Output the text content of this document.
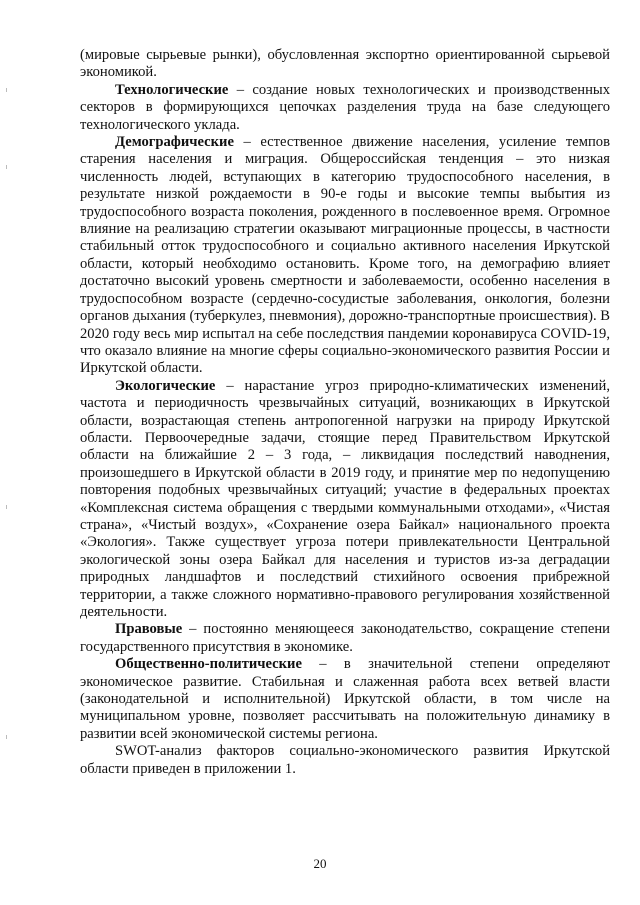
(мировые сырьевые рынки), обусловленная экспортно ориентированной сырьевой экономикой.

Технологические – создание новых технологических и производственных секторов в формирующихся цепочках разделения труда на базе следующего технологического уклада.

Демографические – естественное движение населения, усиление темпов старения населения и миграция. Общероссийская тенденция – это низкая численность людей, вступающих в категорию трудоспособного населения, в результате низкой рождаемости в 90-е годы и высокие темпы выбытия из трудоспособного возраста поколения, рожденного в послевоенное время. Огромное влияние на реализацию стратегии оказывают миграционные процессы, в частности стабильный отток трудоспособного и социально активного населения Иркутской области, который необходимо остановить. Кроме того, на демографию влияет достаточно высокий уровень смертности и заболеваемости, особенно населения в трудоспособном возрасте (сердечно-сосудистые заболевания, онкология, болезни органов дыхания (туберкулез, пневмония), дорожно-транспортные происшествия). В 2020 году весь мир испытал на себе последствия пандемии коронавируса COVID-19, что оказало влияние на многие сферы социально-экономического развития России и Иркутской области.

Экологические – нарастание угроз природно-климатических изменений, частота и периодичность чрезвычайных ситуаций, возникающих в Иркутской области, возрастающая степень антропогенной нагрузки на природу Иркутской области. Первоочередные задачи, стоящие перед Правительством Иркутской области на ближайшие 2 – 3 года, – ликвидация последствий наводнения, произошедшего в Иркутской области в 2019 году, и принятие мер по недопущению повторения подобных чрезвычайных ситуаций; участие в федеральных проектах «Комплексная система обращения с твердыми коммунальными отходами», «Чистая страна», «Чистый воздух», «Сохранение озера Байкал» национального проекта «Экология». Также существует угроза потери привлекательности Центральной экологической зоны озера Байкал для населения и туристов из-за деградации природных ландшафтов и последствий стихийного освоения прибрежной территории, а также сложного нормативно-правового регулирования хозяйственной деятельности.

Правовые – постоянно меняющееся законодательство, сокращение степени государственного присутствия в экономике.

Общественно-политические – в значительной степени определяют экономическое развитие. Стабильная и слаженная работа всех ветвей власти (законодательной и исполнительной) Иркутской области, в том числе на муниципальном уровне, позволяет рассчитывать на положительную динамику в развитии всей экономической системы региона.

SWOT-анализ факторов социально-экономического развития Иркутской области приведен в приложении 1.

20
